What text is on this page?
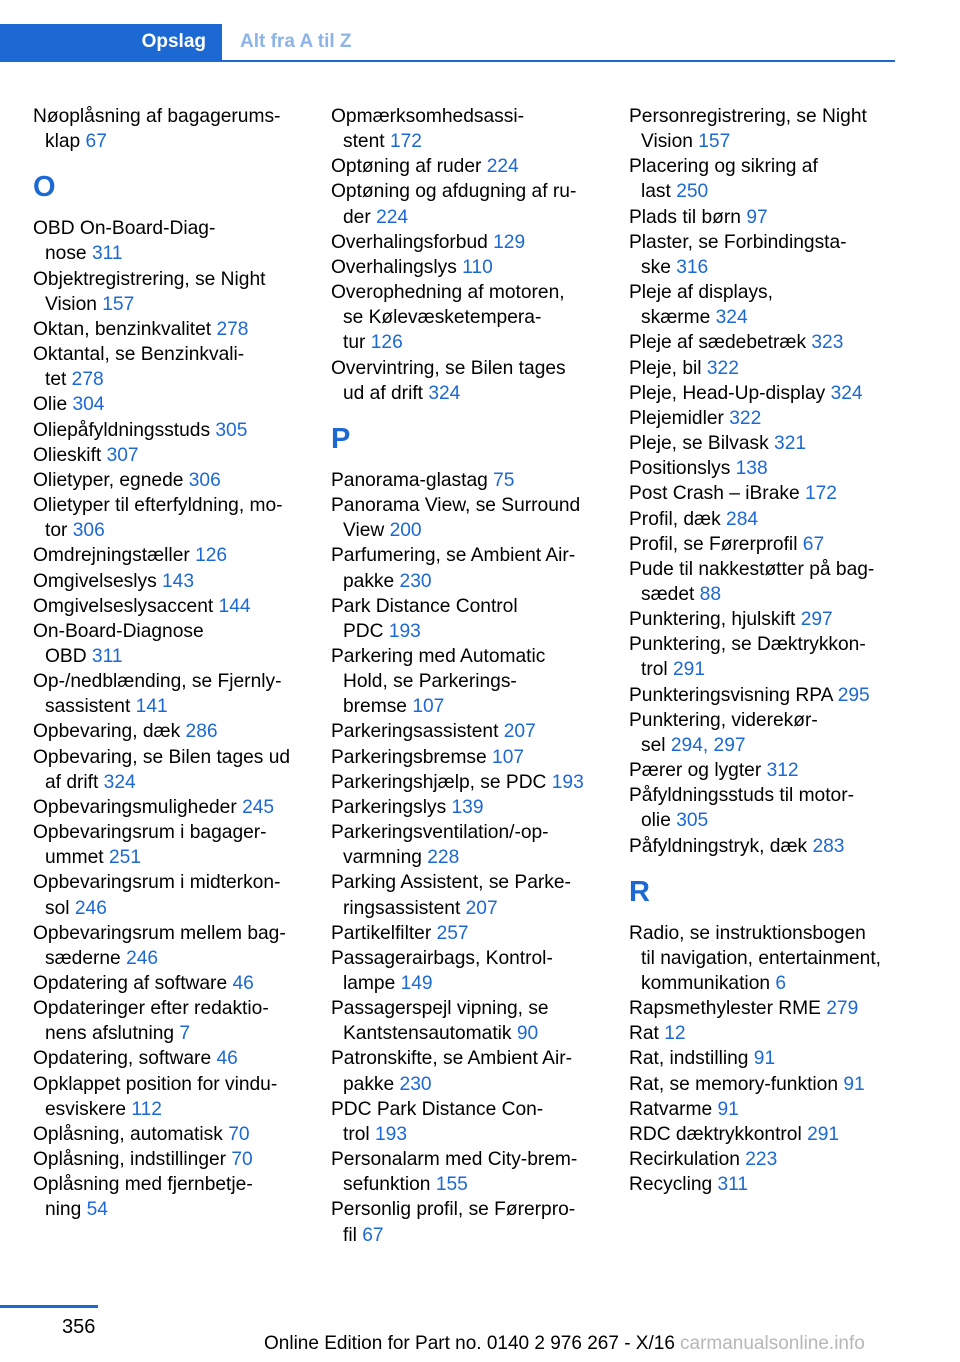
Opslag	Alt fra A til Z
Nøoplåsning af bagagerums-
klap 67
O
OBD On-Board-Diag-
nose 311
Objektregistrering, se Night
Vision 157
Oktan, benzinkvalitet 278
Oktantal, se Benzinkvali-
tet 278
Olie 304
Oliepåfyldningsstuds 305
Olieskift 307
Olietyper, egnede 306
Olietyper til efterfyldning, mo-
tor 306
Omdrejningstæller 126
Omgivelseslys 143
Omgivelseslysaccent 144
On-Board-Diagnose
OBD 311
Op-/nedblænding, se Fjernly-
sassistent 141
Opbevaring, dæk 286
Opbevaring, se Bilen tages ud
af drift 324
Opbevaringsmuligheder 245
Opbevaringsrum i bagager-
ummet 251
Opbevaringsrum i midterkon-
sol 246
Opbevaringsrum mellem bag-
sæderne 246
Opdatering af software 46
Opdateringer efter redaktio-
nens afslutning 7
Opdatering, software 46
Opklappet position for vindu-
esviskere 112
Oplåsning, automatisk 70
Oplåsning, indstillinger 70
Oplåsning med fjernbetje-
ning 54
Opmærksomhedsassi-
stent 172
Optøning af ruder 224
Optøning og afdugning af ru-
der 224
Overhalingsforbud 129
Overhalingslys 110
Overophedning af motoren,
se Kølevæsketempera-
tur 126
Overvintring, se Bilen tages
ud af drift 324
P
Panorama-glastag 75
Panorama View, se Surround
View 200
Parfumering, se Ambient Air-
pakke 230
Park Distance Control
PDC 193
Parkering med Automatic
Hold, se Parkerings-
bremse 107
Parkeringsassistent 207
Parkeringsbremse 107
Parkeringshjælp, se PDC 193
Parkeringslys 139
Parkeringsventilation/-op-
varmning 228
Parking Assistent, se Parke-
ringsassistent 207
Partikelfilter 257
Passagerairbags, Kontrol-
lampe 149
Passagerspejl vipning, se
Kantstensautomatik 90
Patronskifte, se Ambient Air-
pakke 230
PDC Park Distance Con-
trol 193
Personalarm med City-brem-
sefunktion 155
Personlig profil, se Førerpro-
fil 67
Personregistrering, se Night
Vision 157
Placering og sikring af
last 250
Plads til børn 97
Plaster, se Forbindingsta-
ske 316
Pleje af displays,
skærme 324
Pleje af sædebetræk 323
Pleje, bil 322
Pleje, Head-Up-display 324
Plejemidler 322
Pleje, se Bilvask 321
Positionslys 138
Post Crash – iBrake 172
Profil, dæk 284
Profil, se Førerprofil 67
Pude til nakkestøtter på bag-
sædet 88
Punktering, hjulskift 297
Punktering, se Dæktrykkon-
trol 291
Punkteringsvisning RPA 295
Punktering, viderekør-
sel 294, 297
Pærer og lygter 312
Påfyldningsstuds til motor-
olie 305
Påfyldningstryk, dæk 283
R
Radio, se instruktionsbogen
til navigation, entertainment,
kommunikation 6
Rapsmethylester RME 279
Rat 12
Rat, indstilling 91
Rat, se memory-funktion 91
Ratvarme 91
RDC dæktrykkontrol 291
Recirkulation 223
Recycling 311
356
Online Edition for Part no. 0140 2 976 267 - X/16 carmanualsonline.info
